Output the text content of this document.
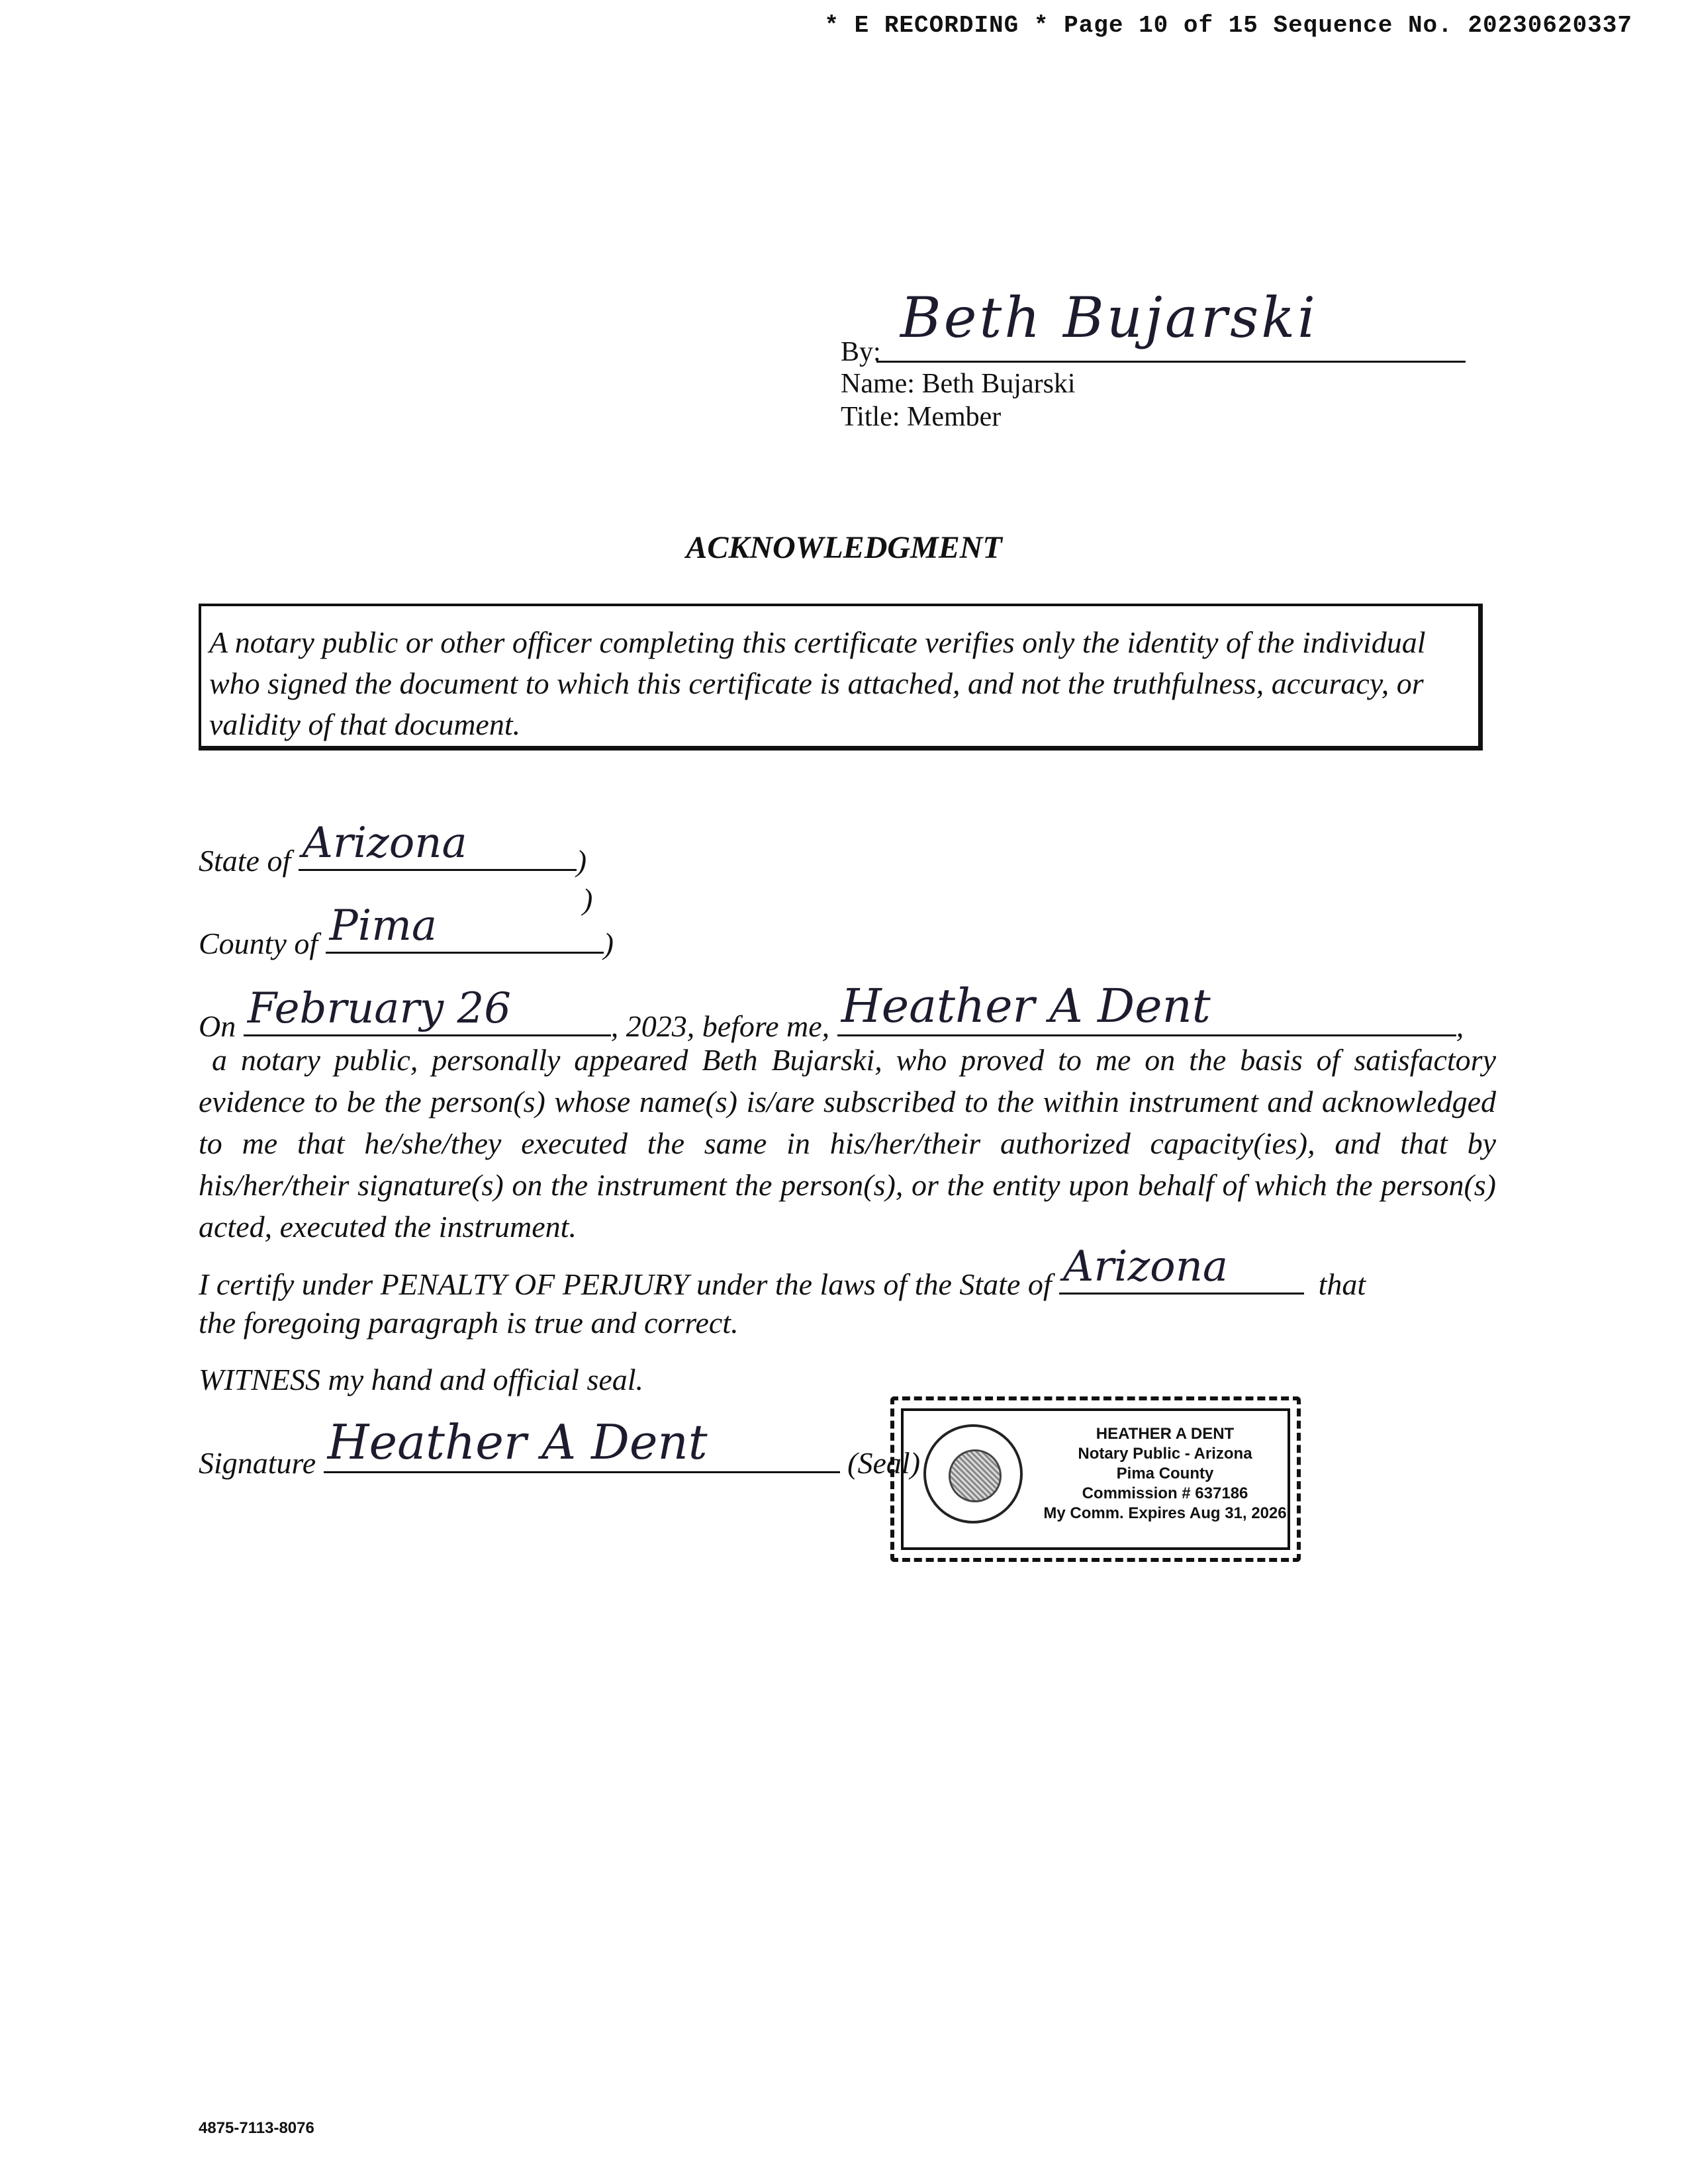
* E RECORDING * Page 10 of 15 Sequence No. 20230620337
By:
Beth Bujarski
Name: Beth Bujarski
Title: Member
ACKNOWLEDGMENT
A notary public or other officer completing this certificate verifies only the identity of the individual who signed the document to which this certificate is attached, and not the truthfulness, accuracy, or validity of that document.
State of Arizona	)
)
County of Pima	)
On February 26	, 2023, before me, Heather A Dent	,
a notary public, personally appeared Beth Bujarski, who proved to me on the basis of satisfactory evidence to be the person(s) whose name(s) is/are subscribed to the within instrument and acknowledged to me that he/she/they executed the same in his/her/their authorized capacity(ies), and that by his/her/their signature(s) on the instrument the person(s), or the entity upon behalf of which the person(s) acted, executed the instrument.
I certify under PENALTY OF PERJURY under the laws of the State of Arizona	that
the foregoing paragraph is true and correct.
WITNESS my hand and official seal.
Signature Heather A Dent	(Seal)
HEATHER A DENT
Notary Public - Arizona
Pima County
Commission # 637186
My Comm. Expires Aug 31, 2026
4875-7113-8076
